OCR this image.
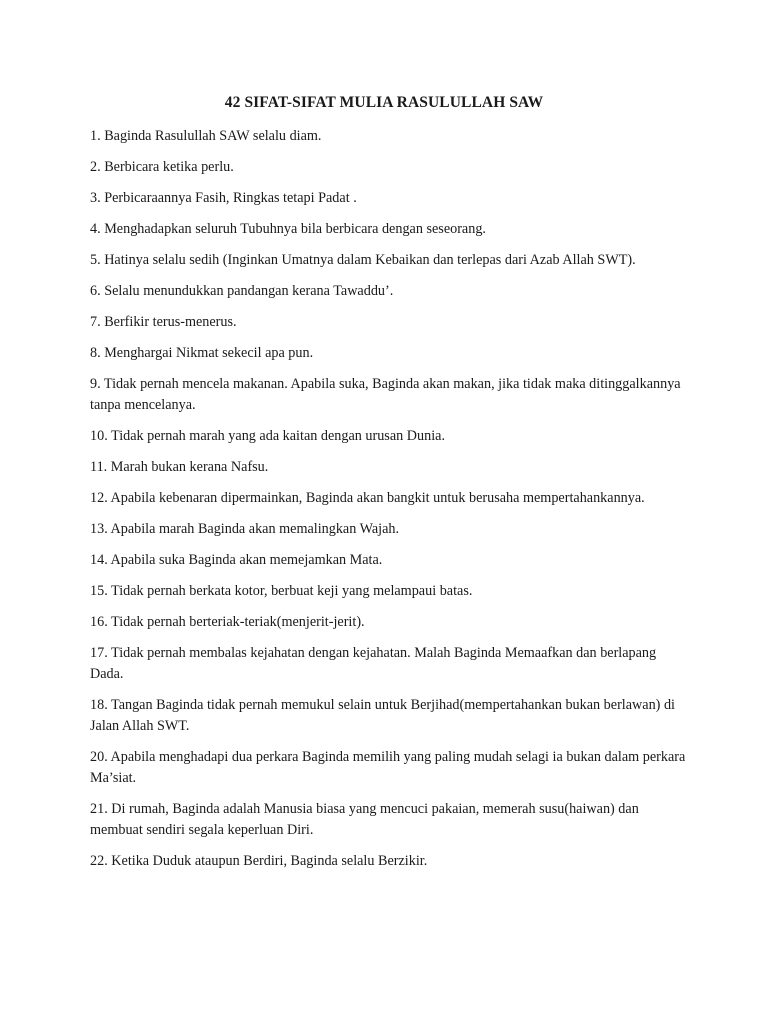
42 SIFAT-SIFAT MULIA RASULULLAH SAW
1. Baginda Rasulullah SAW selalu diam.
2. Berbicara ketika perlu.
3. Perbicaraannya Fasih, Ringkas tetapi Padat .
4. Menghadapkan seluruh Tubuhnya bila berbicara dengan seseorang.
5. Hatinya selalu sedih (Inginkan Umatnya dalam Kebaikan dan terlepas dari Azab Allah SWT).
6. Selalu menundukkan pandangan kerana Tawaddu’.
7. Berfikir terus-menerus.
8. Menghargai Nikmat sekecil apa pun.
9. Tidak pernah mencela makanan. Apabila suka, Baginda akan makan, jika tidak maka ditinggalkannya tanpa mencelanya.
10. Tidak pernah marah yang ada kaitan dengan urusan Dunia.
11. Marah bukan kerana Nafsu.
12. Apabila kebenaran dipermainkan, Baginda akan bangkit untuk berusaha mempertahankannya.
13. Apabila marah Baginda akan memalingkan Wajah.
14. Apabila suka Baginda akan memejamkan Mata.
15. Tidak pernah berkata kotor, berbuat keji yang melampaui batas.
16. Tidak pernah berteriak-teriak(menjerit-jerit).
17. Tidak pernah membalas kejahatan dengan kejahatan. Malah Baginda Memaafkan dan berlapang Dada.
18. Tangan Baginda tidak pernah memukul selain untuk Berjihad(mempertahankan bukan berlawan) di Jalan Allah SWT.
20. Apabila menghadapi dua perkara Baginda memilih yang paling mudah selagi ia bukan dalam perkara Ma’siat.
21. Di rumah, Baginda adalah Manusia biasa yang mencuci pakaian, memerah susu(haiwan) dan membuat sendiri segala keperluan Diri.
22. Ketika Duduk ataupun Berdiri, Baginda selalu Berzikir.
